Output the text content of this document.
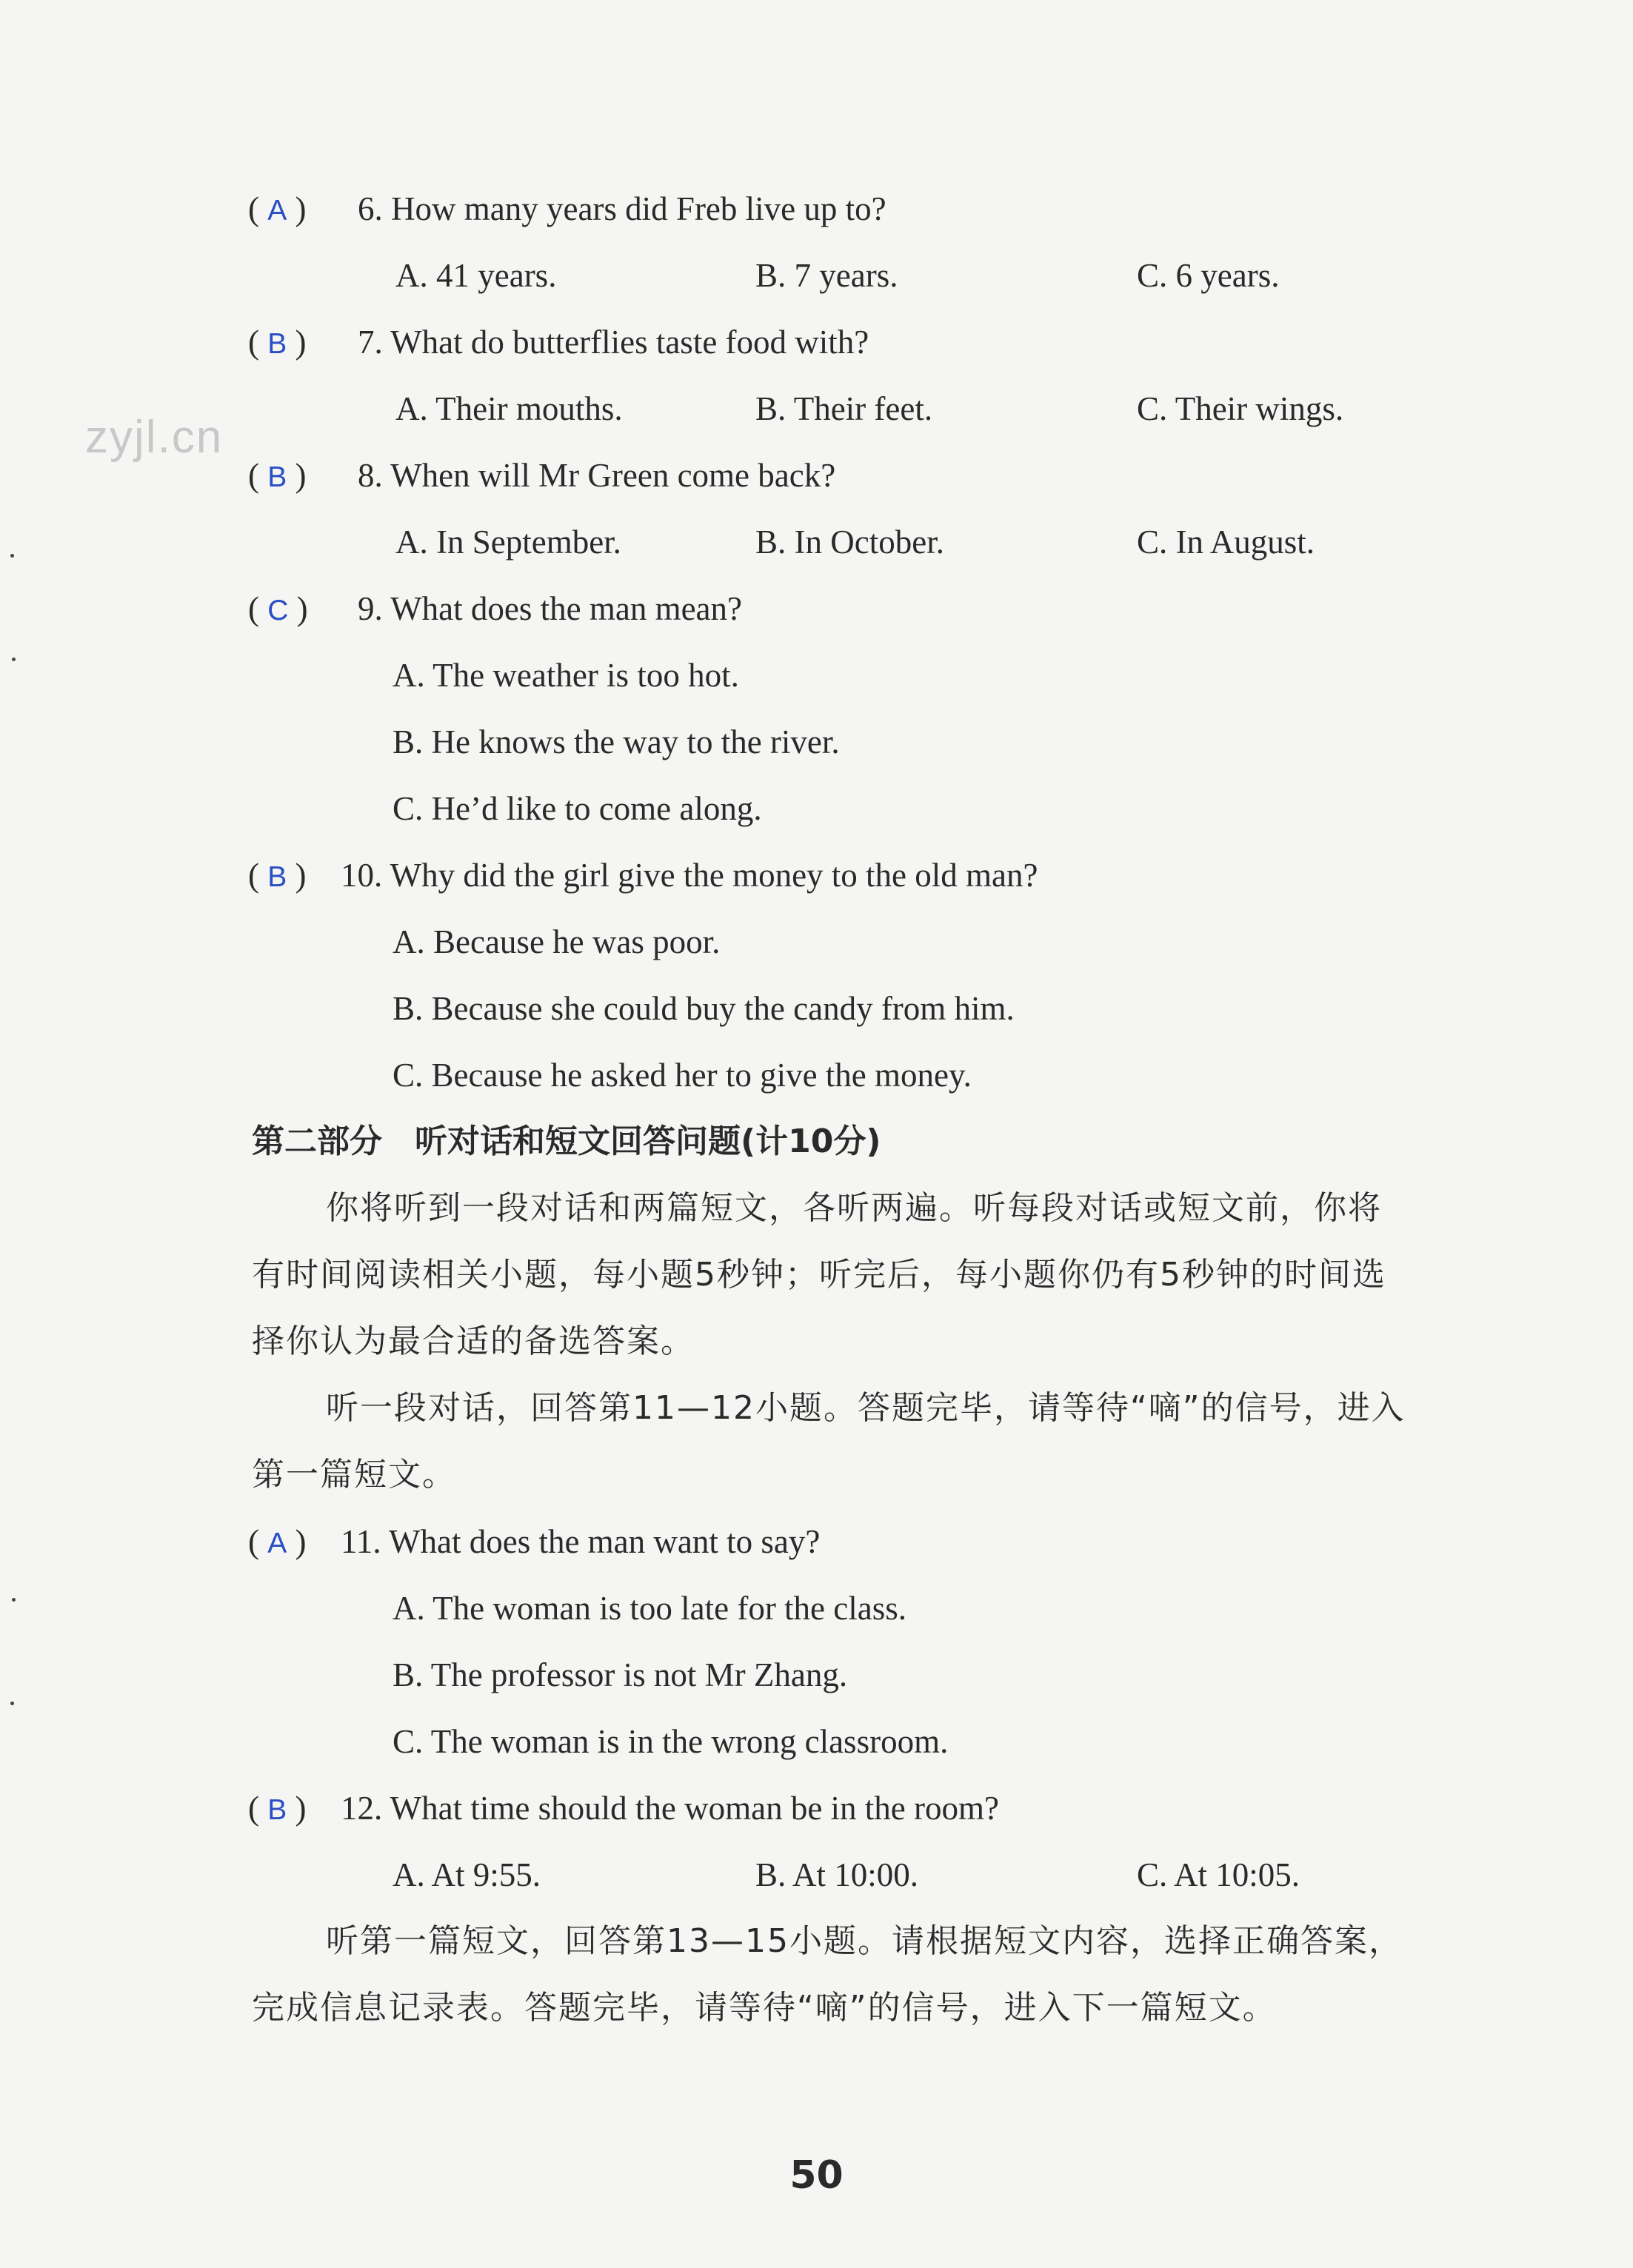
zyjl.cn
( A ) 6. How many years did Freb live up to?
A. 41 years.	B. 7 years.	C. 6 years.
( B ) 7. What do butterflies taste food with?
A. Their mouths.	B. Their feet.	C. Their wings.
( B ) 8. When will Mr Green come back?
A. In September.	B. In October.	C. In August.
( C ) 9. What does the man mean?
A. The weather is too hot.
B. He knows the way to the river.
C. He’d like to come along.
( B ) 10. Why did the girl give the money to the old man?
A. Because he was poor.
B. Because she could buy the candy from him.
C. Because he asked her to give the money.
第二部分　听对话和短文回答问题(计10分)
你将听到一段对话和两篇短文，各听两遍。听每段对话或短文前，你将
有时间阅读相关小题，每小题5秒钟；听完后，每小题你仍有5秒钟的时间选
择你认为最合适的备选答案。
听一段对话，回答第11—12小题。答题完毕，请等待“嘀”的信号，进入
第一篇短文。
( A ) 11. What does the man want to say?
A. The woman is too late for the class.
B. The professor is not Mr Zhang.
C. The woman is in the wrong classroom.
( B ) 12. What time should the woman be in the room?
A. At 9:55.	B. At 10:00.	C. At 10:05.
听第一篇短文，回答第13—15小题。请根据短文内容，选择正确答案，
完成信息记录表。答题完毕，请等待“嘀”的信号，进入下一篇短文。
50
